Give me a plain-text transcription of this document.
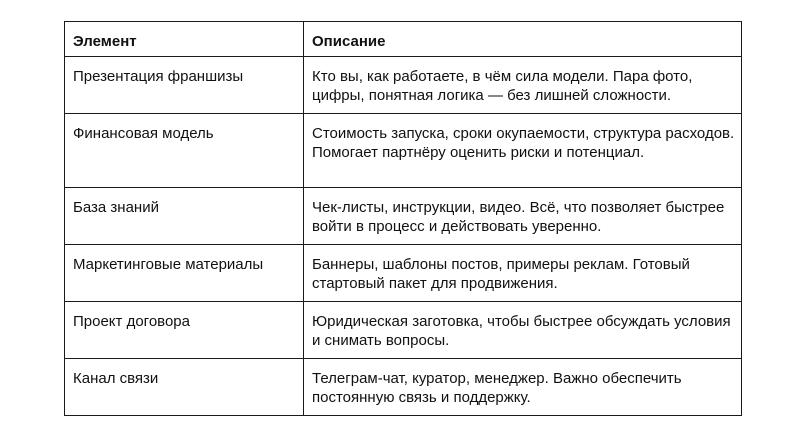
Элемент	Описание
Презентация франшизы	Кто вы, как работаете, в чём сила модели. Пара фото, цифры, понятная логика — без лишней сложности.
Финансовая модель	Стоимость запуска, сроки окупаемости, структура расходов. Помогает партнёру оценить риски и потенциал.
База знаний	Чек-листы, инструкции, видео. Всё, что позволяет быстрее войти в процесс и действовать уверенно.
Маркетинговые материалы	Баннеры, шаблоны постов, примеры реклам. Готовый стартовый пакет для продвижения.
Проект договора	Юридическая заготовка, чтобы быстрее обсуждать условия и снимать вопросы.
Канал связи	Телеграм-чат, куратор, менеджер. Важно обеспечить постоянную связь и поддержку.
